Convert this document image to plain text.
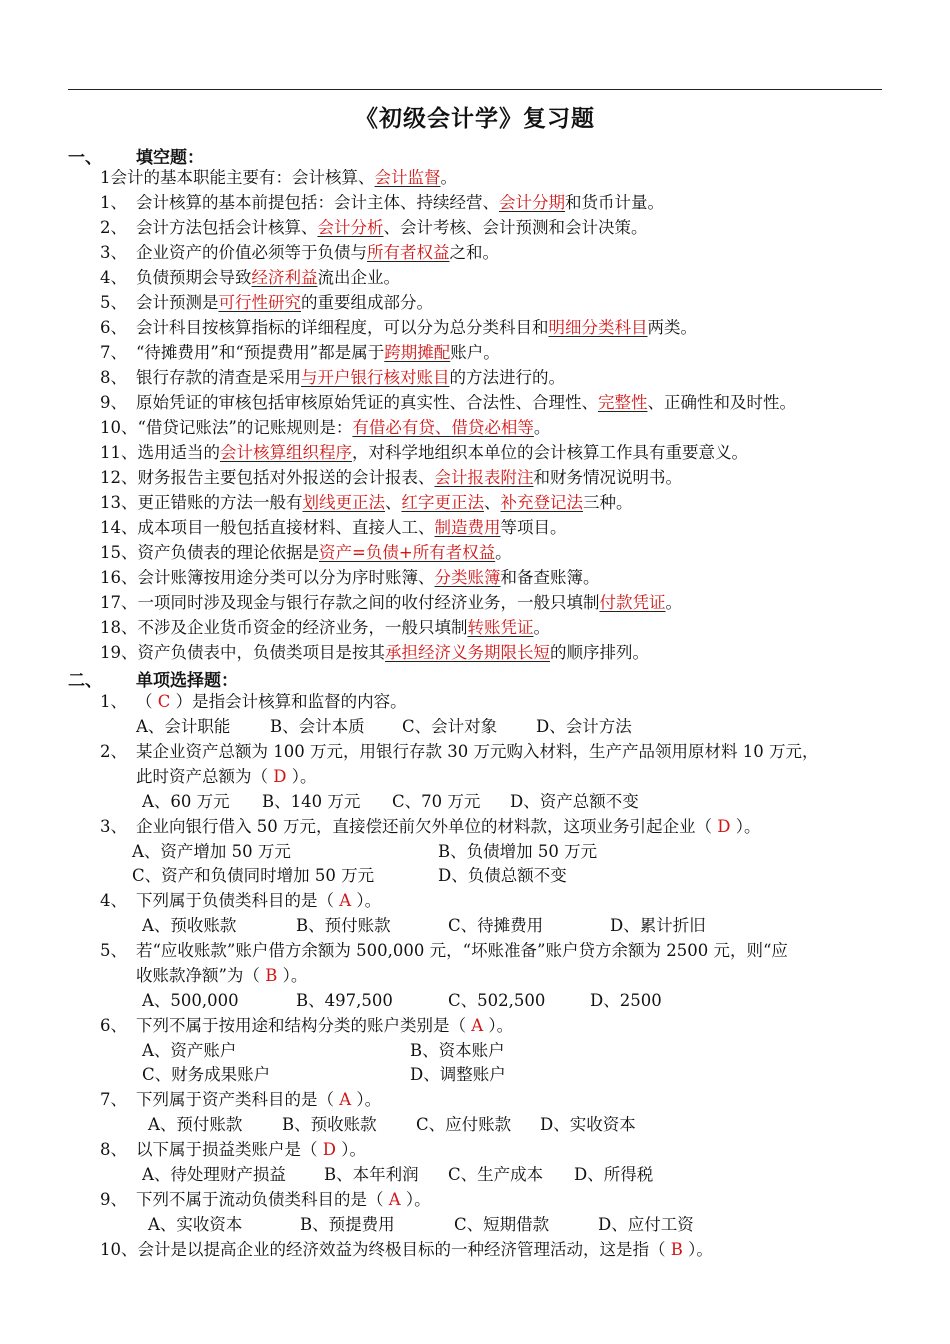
《初级会计学》复习题
一、 填空题：
1会计的基本职能主要有：会计核算、会计监督。
1、 会计核算的基本前提包括：会计主体、持续经营、会计分期和货币计量。
2、 会计方法包括会计核算、会计分析、会计考核、会计预测和会计决策。
3、 企业资产的价值必须等于负债与所有者权益之和。
4、 负债预期会导致经济利益流出企业。
5、 会计预测是可行性研究的重要组成部分。
6、 会计科目按核算指标的详细程度，可以分为总分类科目和明细分类科目两类。
7、 “待摊费用”和“预提费用”都是属于跨期摊配账户。
8、 银行存款的清查是采用与开户银行核对账目的方法进行的。
9、 原始凭证的审核包括审核原始凭证的真实性、合法性、合理性、完整性、正确性和及时性。
10、“借贷记账法”的记账规则是：有借必有贷、借贷必相等。
11、选用适当的会计核算组织程序，对科学地组织本单位的会计核算工作具有重要意义。
12、财务报告主要包括对外报送的会计报表、会计报表附注和财务情况说明书。
13、更正错账的方法一般有划线更正法、红字更正法、补充登记法三种。
14、成本项目一般包括直接材料、直接人工、制造费用等项目。
15、资产负债表的理论依据是资产=负债+所有者权益。
16、会计账簿按用途分类可以分为序时账簿、分类账簿和备查账簿。
17、一项同时涉及现金与银行存款之间的收付经济业务，一般只填制付款凭证。
18、不涉及企业货币资金的经济业务，一般只填制转账凭证。
19、资产负债表中，负债类项目是按其承担经济义务期限长短的顺序排列。
二、 单项选择题：
1、 （ C ）是指会计核算和监督的内容。
A、会计职能 B、会计本质 C、会计对象 D、会计方法
2、 某企业资产总额为 100 万元，用银行存款 30 万元购入材料，生产产品领用原材料 10 万元，
此时资产总额为（ D ）。
A、60 万元 B、140 万元 C、70 万元 D、资产总额不变
3、 企业向银行借入 50 万元，直接偿还前欠外单位的材料款，这项业务引起企业（ D ）。
A、资产增加 50 万元	B、负债增加 50 万元
C、资产和负债同时增加 50 万元	D、负债总额不变
4、 下列属于负债类科目的是（ A ）。
A、预收账款	B、预付账款	C、待摊费用	D、累计折旧
5、 若“应收账款”账户借方余额为 500,000 元，“坏账准备”账户贷方余额为 2500 元，则“应
收账款净额”为（ B ）。
A、500,000	B、497,500	C、502,500	D、2500
6、 下列不属于按用途和结构分类的账户类别是（ A ）。
A、资产账户	B、资本账户
C、财务成果账户	D、调整账户
7、 下列属于资产类科目的是（ A ）。
A、预付账款 B、预收账款 C、应付账款 D、实收资本
8、 以下属于损益类账户是（ D ）。
A、待处理财产损益 B、本年利润 C、生产成本 D、所得税
9、 下列不属于流动负债类科目的是（ A ）。
A、实收资本	B、预提费用	C、短期借款	D、应付工资
10、会计是以提高企业的经济效益为终极目标的一种经济管理活动，这是指（ B ）。
